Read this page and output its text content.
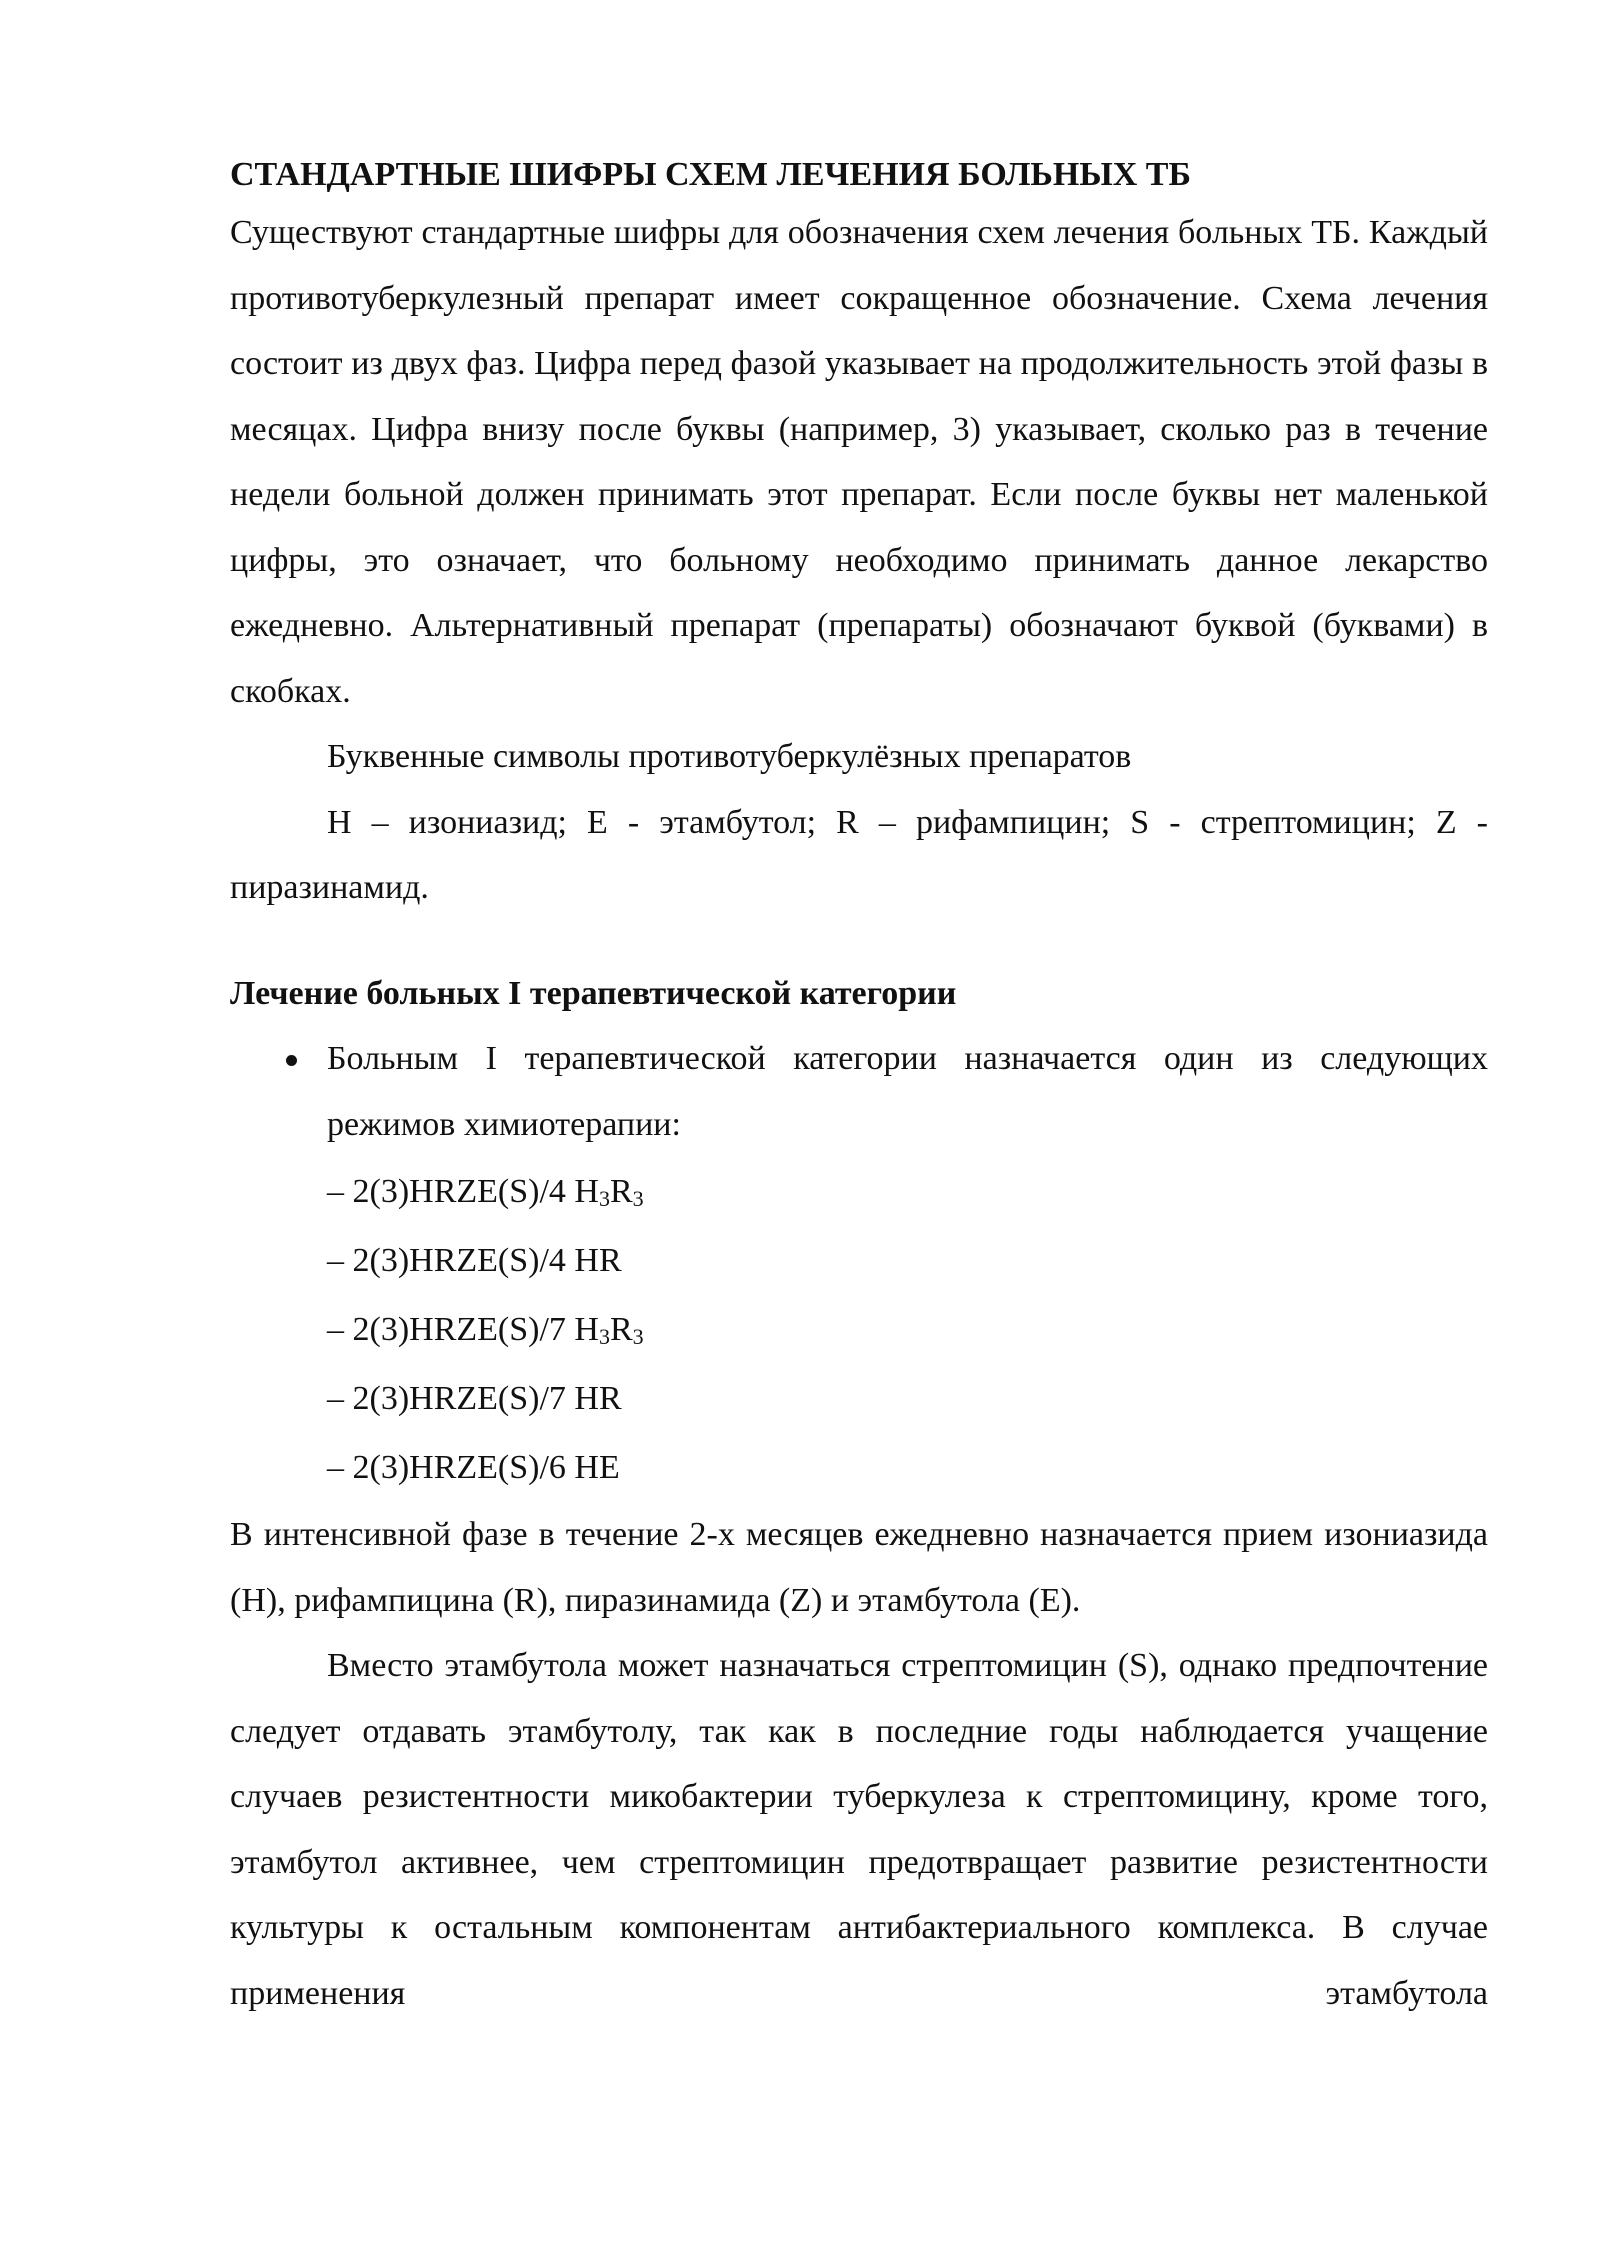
СТАНДАРТНЫЕ ШИФРЫ СХЕМ ЛЕЧЕНИЯ БОЛЬНЫХ ТБ

Существуют стандартные шифры для обозначения схем лечения больных ТБ. Каждый противотуберкулезный препарат имеет сокращенное обозначение. Схема лечения состоит из двух фаз. Цифра перед фазой указывает на продолжительность этой фазы в месяцах. Цифра внизу после буквы (например, 3) указывает, сколько раз в течение недели больной должен принимать этот препарат. Если после буквы нет маленькой цифры, это означает, что больному необходимо принимать данное лекарство ежедневно. Альтернативный препарат (препараты) обозначают буквой (буквами) в скобках.

Буквенные символы противотуберкулёзных препаратов

H – изониазид; E - этамбутол; R – рифампицин; S - стрептомицин; Z - пиразинамид.

Лечение больных I терапевтической категории

Больным I терапевтической категории назначается один из следующих режимов химиотерапии:

– 2(3)HRZE(S)/4 $H_3R_3$

– 2(3)HRZE(S)/4 HR

– 2(3)HRZE(S)/7 $H_3R_3$

– 2(3)HRZE(S)/7 HR

– 2(3)HRZE(S)/6 HE

В интенсивной фазе в течение 2-х месяцев ежедневно назначается прием изониазида (H), рифампицина (R), пиразинамида (Z) и этамбутола (E).

Вместо этамбутола может назначаться стрептомицин (S), однако предпочтение следует отдавать этамбутолу, так как в последние годы наблюдается учащение случаев резистентности микобактерии туберкулеза к стрептомицину, кроме того, этамбутол активнее, чем стрептомицин предотвращает развитие резистентности культуры к остальным компонентам антибактериального комплекса. В случае применения этамбутола
